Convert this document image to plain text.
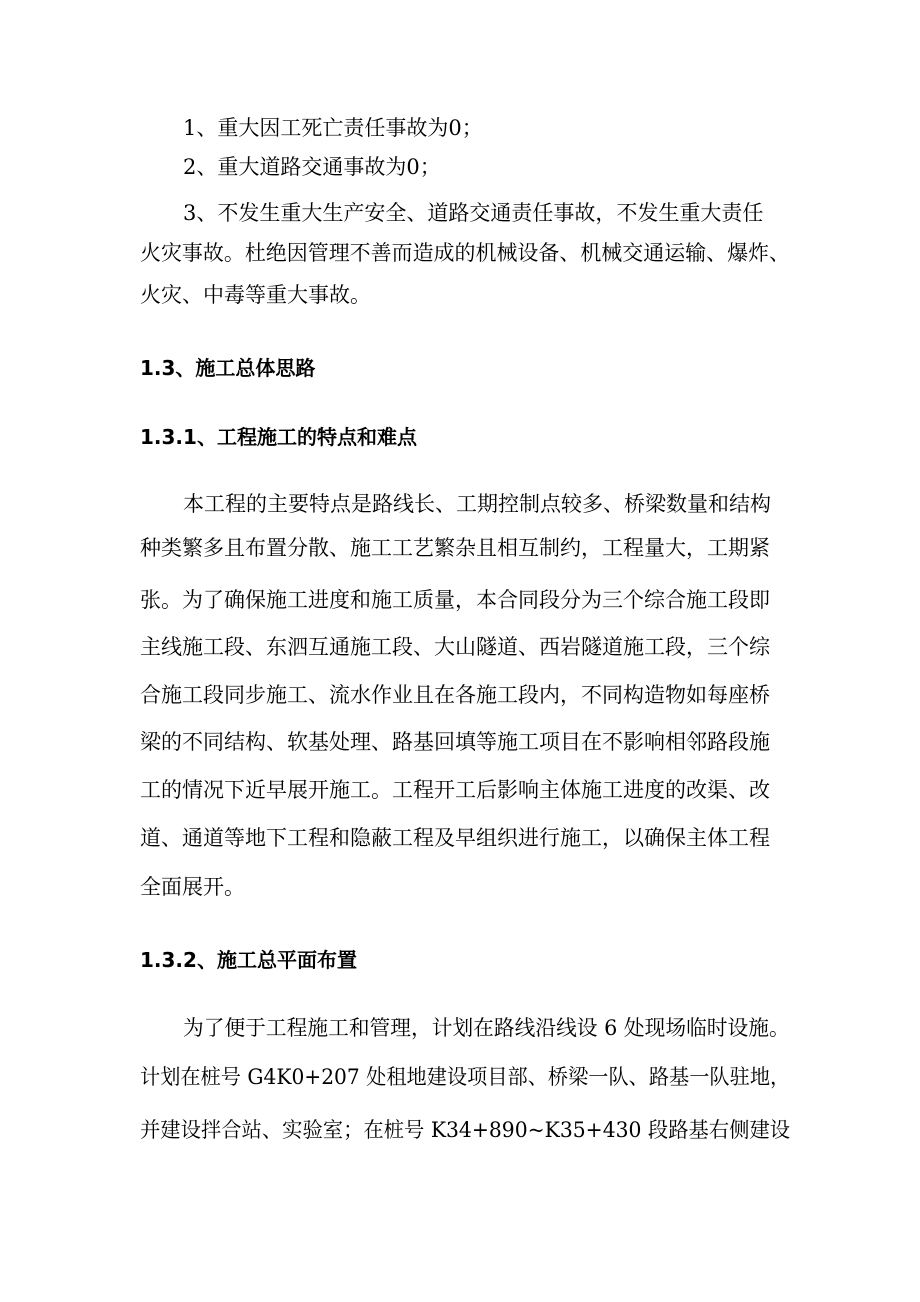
1、重大因工死亡责任事故为0；
2、重大道路交通事故为0；
3、不发生重大生产安全、道路交通责任事故，不发生重大责任
火灾事故。杜绝因管理不善而造成的机械设备、机械交通运输、爆炸、
火灾、中毒等重大事故。
1.3、施工总体思路
1.3.1、工程施工的特点和难点
本工程的主要特点是路线长、工期控制点较多、桥梁数量和结构
种类繁多且布置分散、施工工艺繁杂且相互制约，工程量大，工期紧
张。为了确保施工进度和施工质量，本合同段分为三个综合施工段即
主线施工段、东泗互通施工段、大山隧道、西岩隧道施工段，三个综
合施工段同步施工、流水作业且在各施工段内，不同构造物如每座桥
梁的不同结构、软基处理、路基回填等施工项目在不影响相邻路段施
工的情况下近早展开施工。工程开工后影响主体施工进度的改渠、改
道、通道等地下工程和隐蔽工程及早组织进行施工，以确保主体工程
全面展开。
1.3.2、施工总平面布置
为了便于工程施工和管理，计划在路线沿线设 6 处现场临时设施。
计划在桩号 G4K0+207 处租地建设项目部、桥梁一队、路基一队驻地，
并建设拌合站、实验室；在桩号 K34+890~K35+430 段路基右侧建设
